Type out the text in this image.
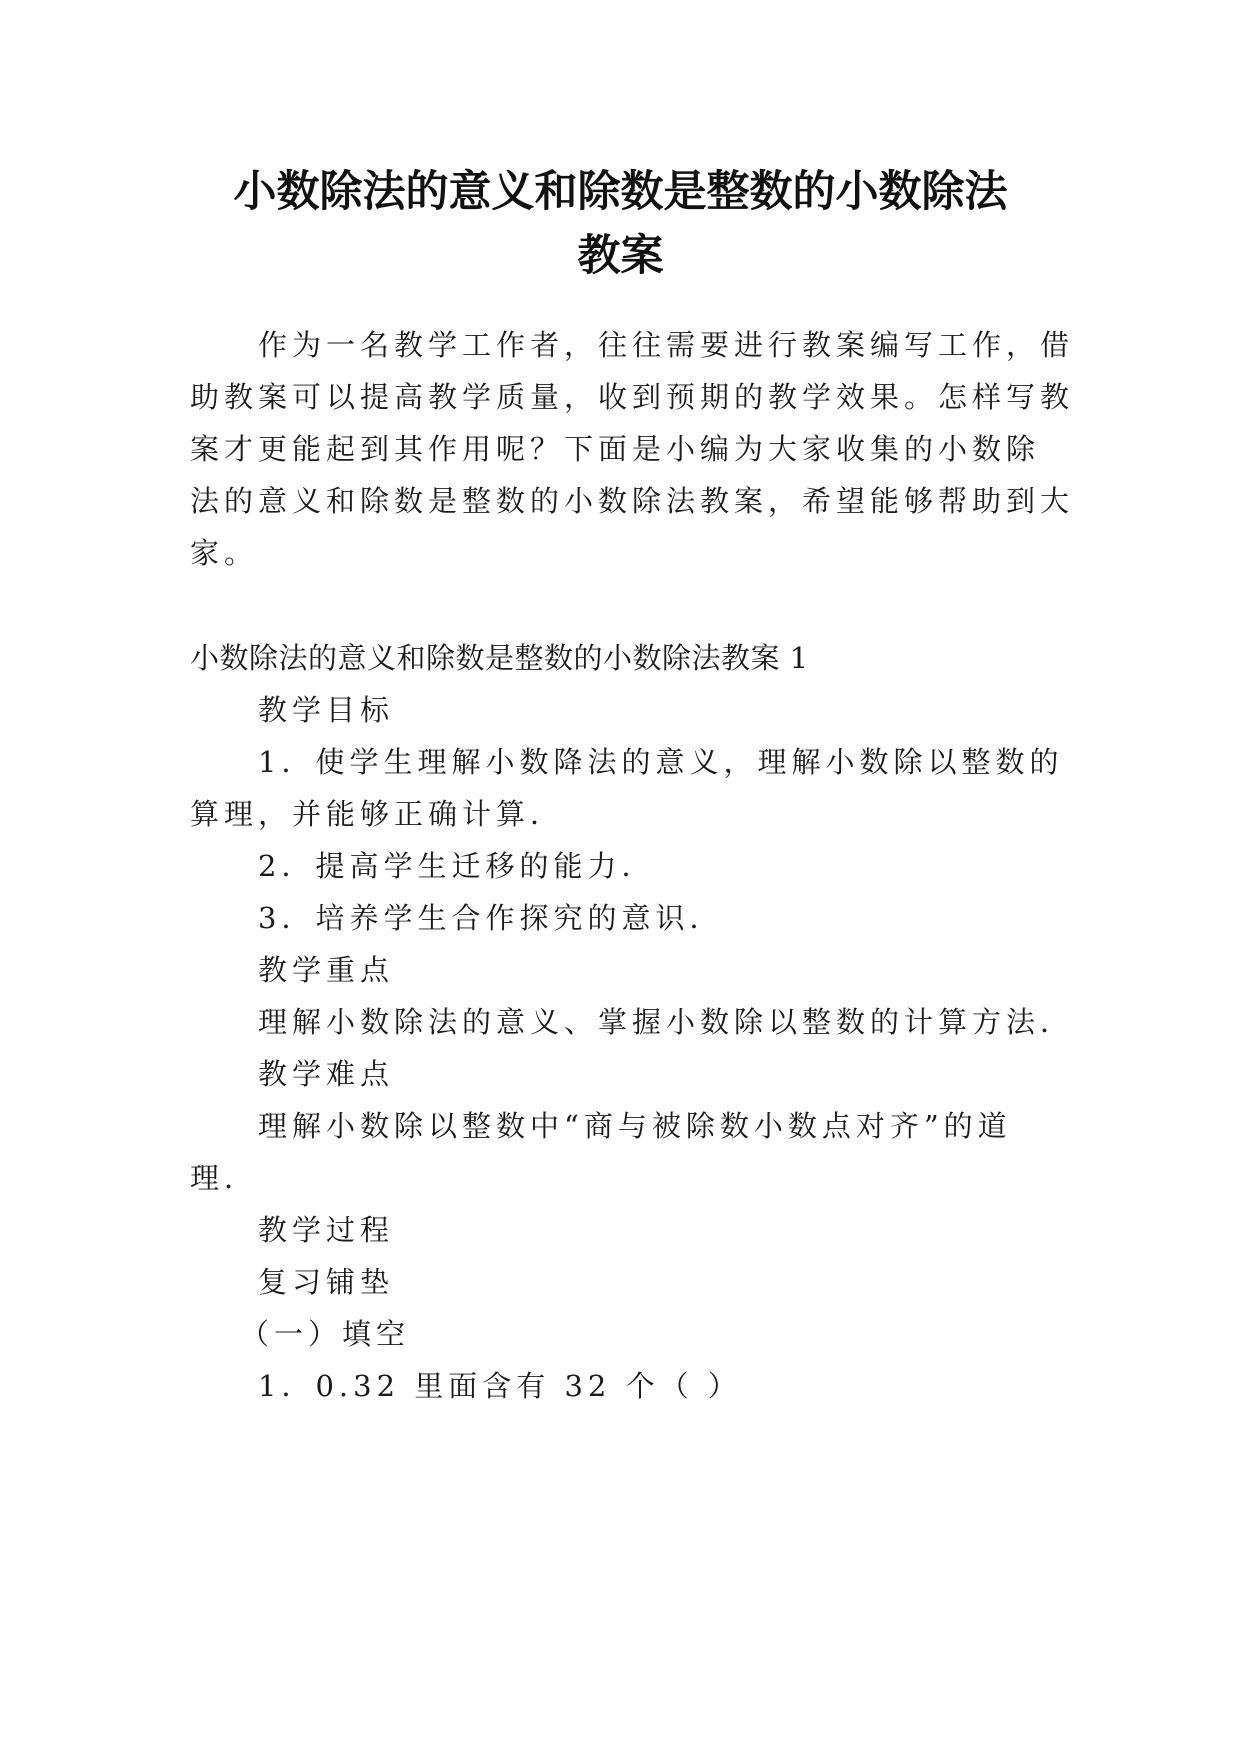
小数除法的意义和除数是整数的小数除法
教案
作为一名教学工作者，往往需要进行教案编写工作，借
助教案可以提高教学质量，收到预期的教学效果。怎样写教
案才更能起到其作用呢？下面是小编为大家收集的小数除
法的意义和除数是整数的小数除法教案，希望能够帮助到大
家。
小数除法的意义和除数是整数的小数除法教案 1
教学目标
1．使学生理解小数降法的意义，理解小数除以整数的
算理，并能够正确计算．
2．提高学生迁移的能力．
3．培养学生合作探究的意识．
教学重点
理解小数除法的意义、掌握小数除以整数的计算方法．
教学难点
理解小数除以整数中“商与被除数小数点对齐”的道
理．
教学过程
复习铺垫
（一）填空
1．0.32 里面含有 32 个（ ）
